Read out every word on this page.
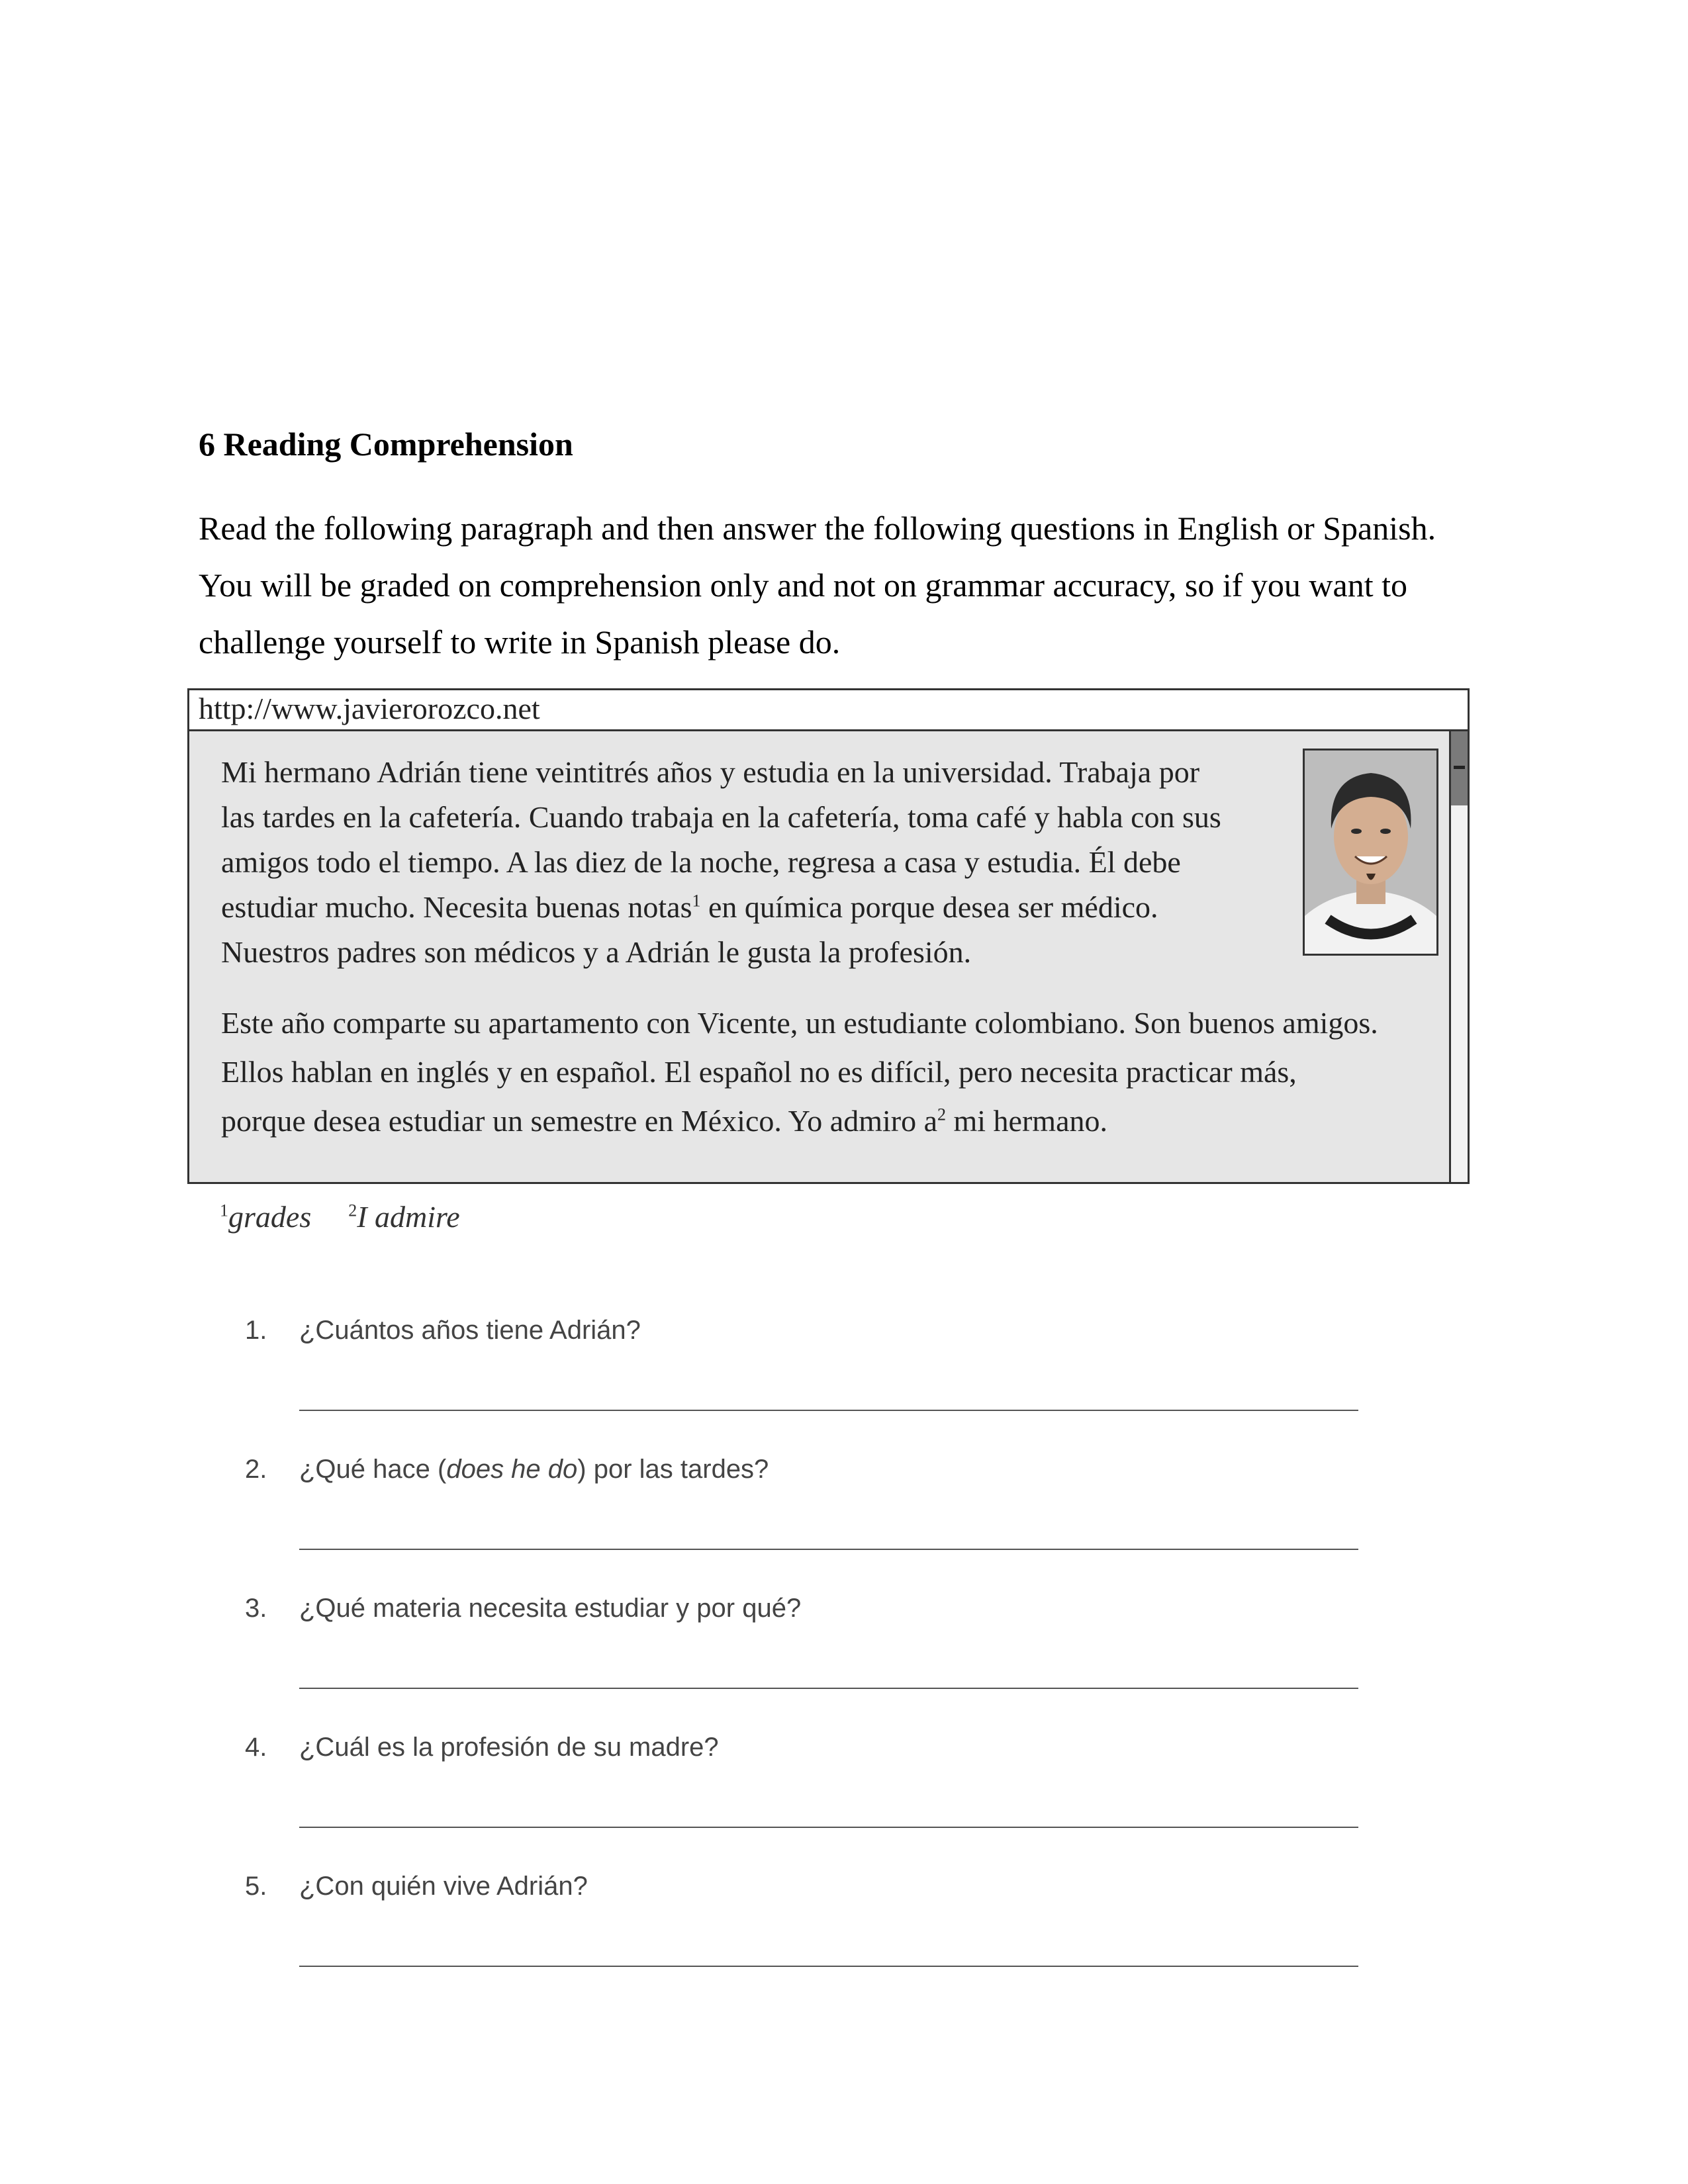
6 Reading Comprehension

Read the following paragraph and then answer the following questions in English or Spanish.
You will be graded on comprehension only and not on grammar accuracy, so if you want to
challenge yourself to write in Spanish please do.

http://www.javierorozco.net
Mi hermano Adrián tiene veintitrés años y estudia en la universidad. Trabaja por
las tardes en la cafetería. Cuando trabaja en la cafetería, toma café y habla con sus
amigos todo el tiempo. A las diez de la noche, regresa a casa y estudia. Él debe
estudiar mucho. Necesita buenas notas$^1$ en química porque desea ser médico.
Nuestros padres son médicos y a Adrián le gusta la profesión.
Este año comparte su apartamento con Vicente, un estudiante colombiano. Son buenos amigos.
Ellos hablan en inglés y en español. El español no es difícil, pero necesita practicar más,
porque desea estudiar un semestre en México. Yo admiro a$^2$ mi hermano.
$^1$grades $^2$I admire
1. ¿Cuántos años tiene Adrián?
2. ¿Qué hace (does he do) por las tardes?
3. ¿Qué materia necesita estudiar y por qué?
4. ¿Cuál es la profesión de su madre?
5. ¿Con quién vive Adrián?
